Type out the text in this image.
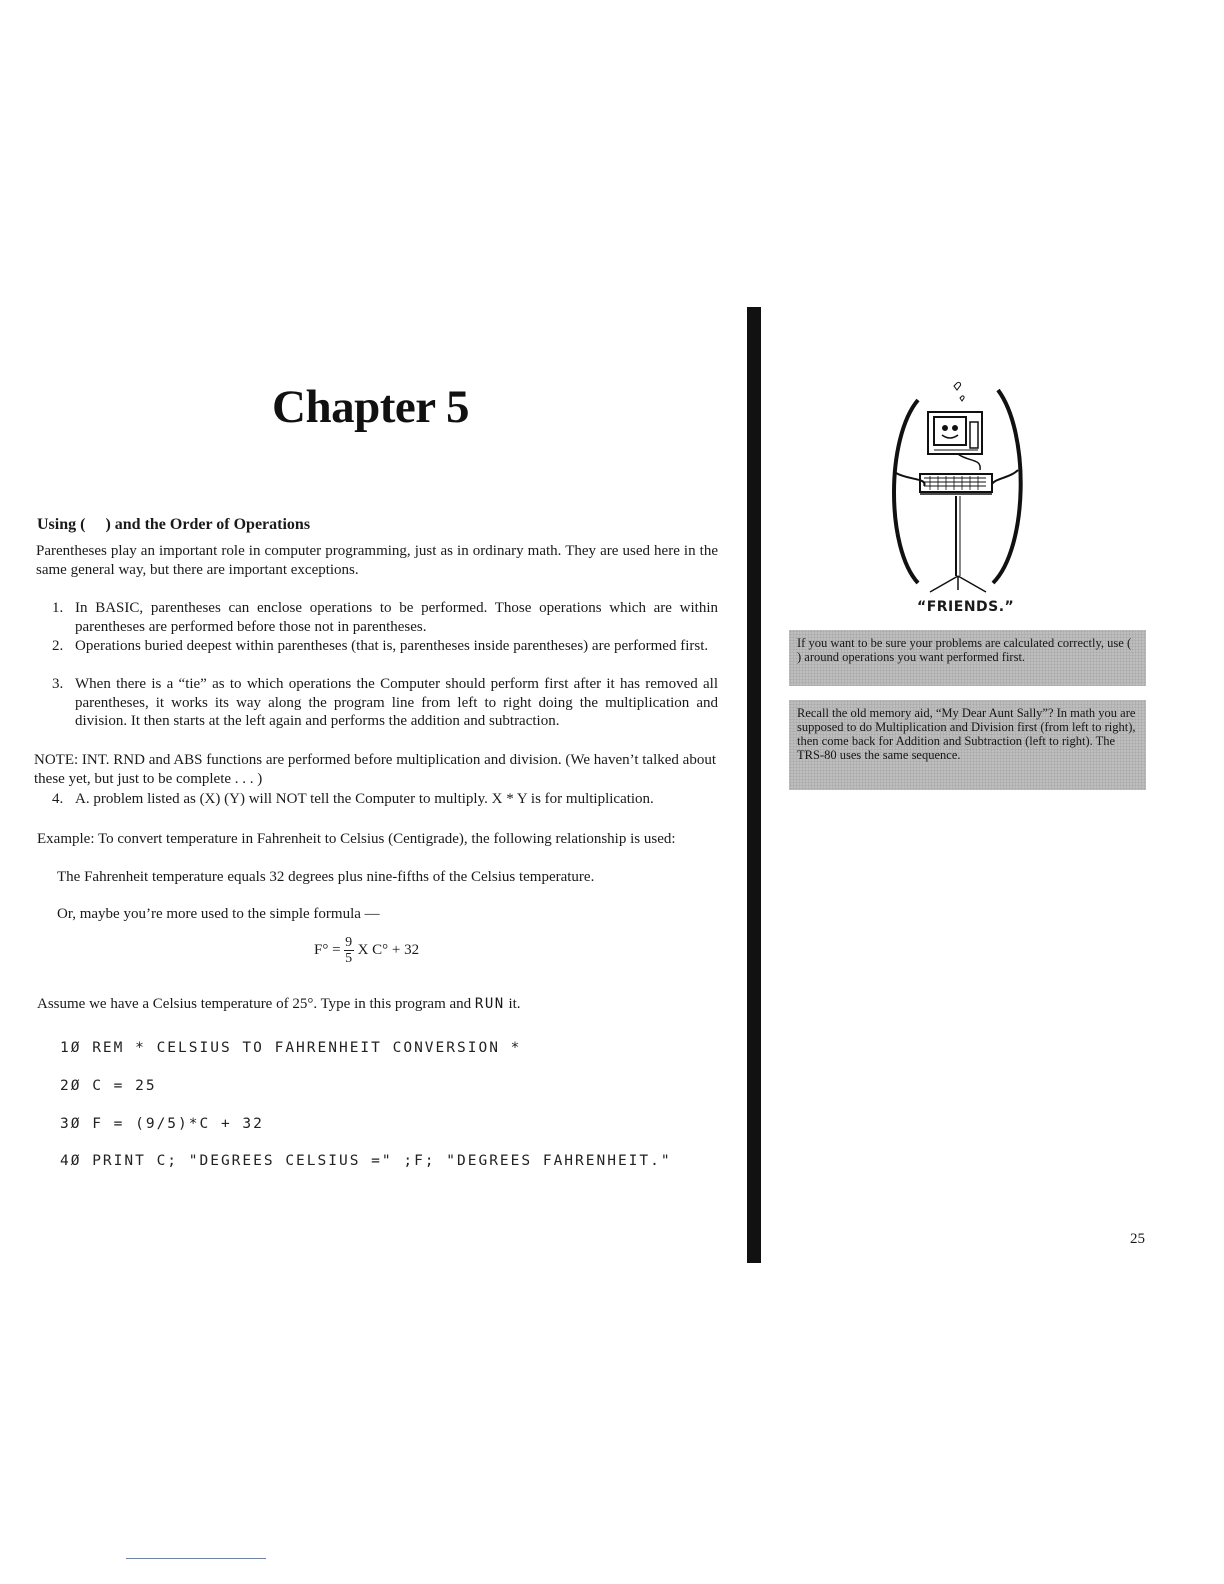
Chapter 5
Using ( ) and the Order of Operations
Parentheses play an important role in computer programming, just as in ordinary math. They are used here in the same general way, but there are important exceptions.
1. In BASIC, parentheses can enclose operations to be performed. Those operations which are within parentheses are performed before those not in parentheses.
2. Operations buried deepest within parentheses (that is, parentheses inside parentheses) are performed first.
3. When there is a “tie” as to which operations the Computer should perform first after it has removed all parentheses, it works its way along the program line from left to right doing the multiplication and division. It then starts at the left again and performs the addition and subtraction.
NOTE: INT. RND and ABS functions are performed before multiplication and division. (We haven’t talked about these yet, but just to be complete . . . )
4. A. problem listed as (X) (Y) will NOT tell the Computer to multiply. X * Y is for multiplication.
Example: To convert temperature in Fahrenheit to Celsius (Centigrade), the following relationship is used:
The Fahrenheit temperature equals 32 degrees plus nine-fifths of the Celsius temperature.
Or, maybe you’re more used to the simple formula —
$F^\circ = \frac{9}{5}$ X C° + 32
Assume we have a Celsius temperature of 25°. Type in this program and RUN it.
1Ø REM * CELSIUS TO FAHRENHEIT CONVERSION *
2Ø C = 25
3Ø F = (9/5)*C + 32
4Ø PRINT C; "DEGREES CELSIUS =" ;F; "DEGREES FAHRENHEIT."
“FRIENDS.”
If you want to be sure your problems are calculated correctly, use ( ) around operations you want performed first.
Recall the old memory aid, “My Dear Aunt Sally”? In math you are supposed to do Multiplication and Division first (from left to right), then come back for Addition and Subtraction (left to right). The TRS-80 uses the same sequence.
25
